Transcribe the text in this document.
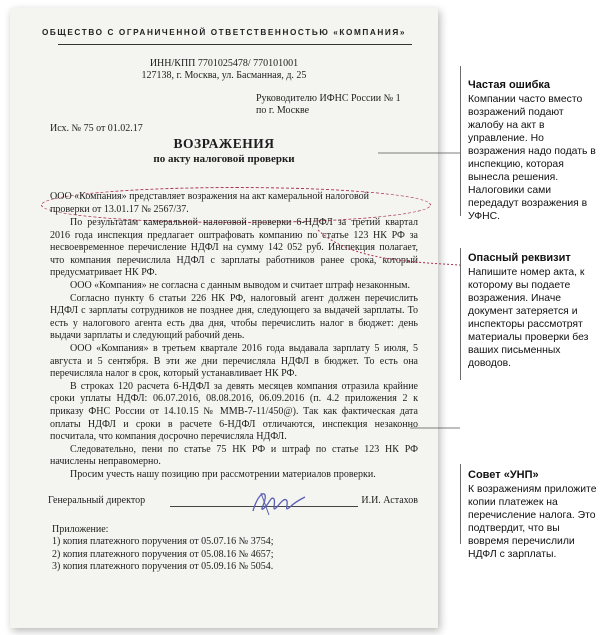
ОБЩЕСТВО С ОГРАНИЧЕННОЙ ОТВЕТСТВЕННОСТЬЮ «КОМПАНИЯ»

ИНН/КПП 7701025478/ 770101001

127138, г. Москва, ул. Басманная, д. 25

Руководителю ИФНС России № 1

по г. Москве

Исх. № 75 от 01.02.17

ВОЗРАЖЕНИЯ

по акту налоговой проверки

ООО «Компания» представляет возражения на акт камеральной налоговой

проверки от 13.01.17 № 2567/37.

По результатам камеральной налоговой проверки 6-НДФЛ за третий квартал 2016 года инспекция предлагает оштрафовать компанию по статье 123 НК РФ за несвоевременное перечисление НДФЛ на сумму 142 052 руб. Инспекция полагает, что компания перечислила НДФЛ с зарплаты работников ранее срока, который предусматривает НК РФ.

ООО «Компания» не согласна с данным выводом и считает штраф незаконным.

Согласно пункту 6 статьи 226 НК РФ, налоговый агент должен перечислить НДФЛ с зарплаты сотрудников не позднее дня, следующего за выдачей зарплаты. То есть у налогового агента есть два дня, чтобы перечислить налог в бюджет: день выдачи зарплаты и следующий рабочий день.

ООО «Компания» в третьем квартале 2016 года выдавала зарплату 5 июля, 5 августа и 5 сентября. В эти же дни перечисляла НДФЛ в бюджет. То есть она перечисляла налог в срок, который устанавливает НК РФ.

В строках 120 расчета 6-НДФЛ за девять месяцев компания отразила крайние сроки уплаты НДФЛ: 06.07.2016, 08.08.2016, 06.09.2016 (п. 4.2 приложения 2 к приказу ФНС России от 14.10.15 № ММВ-7-11/450@). Так как фактическая дата оплаты НДФЛ и сроки в расчете 6-НДФЛ отличаются, инспекция незаконно посчитала, что компания досрочно перечисляла НДФЛ.

Следовательно, пени по статье 75 НК РФ и штраф по статье 123 НК РФ начислены неправомерно.

Просим учесть нашу позицию при рассмотрении материалов проверки.

Генеральный директор	И.И. Астахов
Приложение:
1) копия платежного поручения от 05.07.16 № 3754;
2) копия платежного поручения от 05.08.16 № 4657;
3) копия платежного поручения от 05.09.16 № 5054.
Частая ошибка

Компании часто вместо возражений подают жалобу на акт в управление. Но возражения надо подать в инспекцию, которая вынесла решения. Налоговики сами передадут возражения в УФНС.

Опасный реквизит

Напишите номер акта, к которому вы подаете возражения. Иначе документ затеряется и инспекторы рассмотрят материалы проверки без ваших письменных доводов.

Совет «УНП»

К возражениям приложите копии платежек на перечисление налога. Это подтвердит, что вы вовремя перечислили НДФЛ с зарплаты.
